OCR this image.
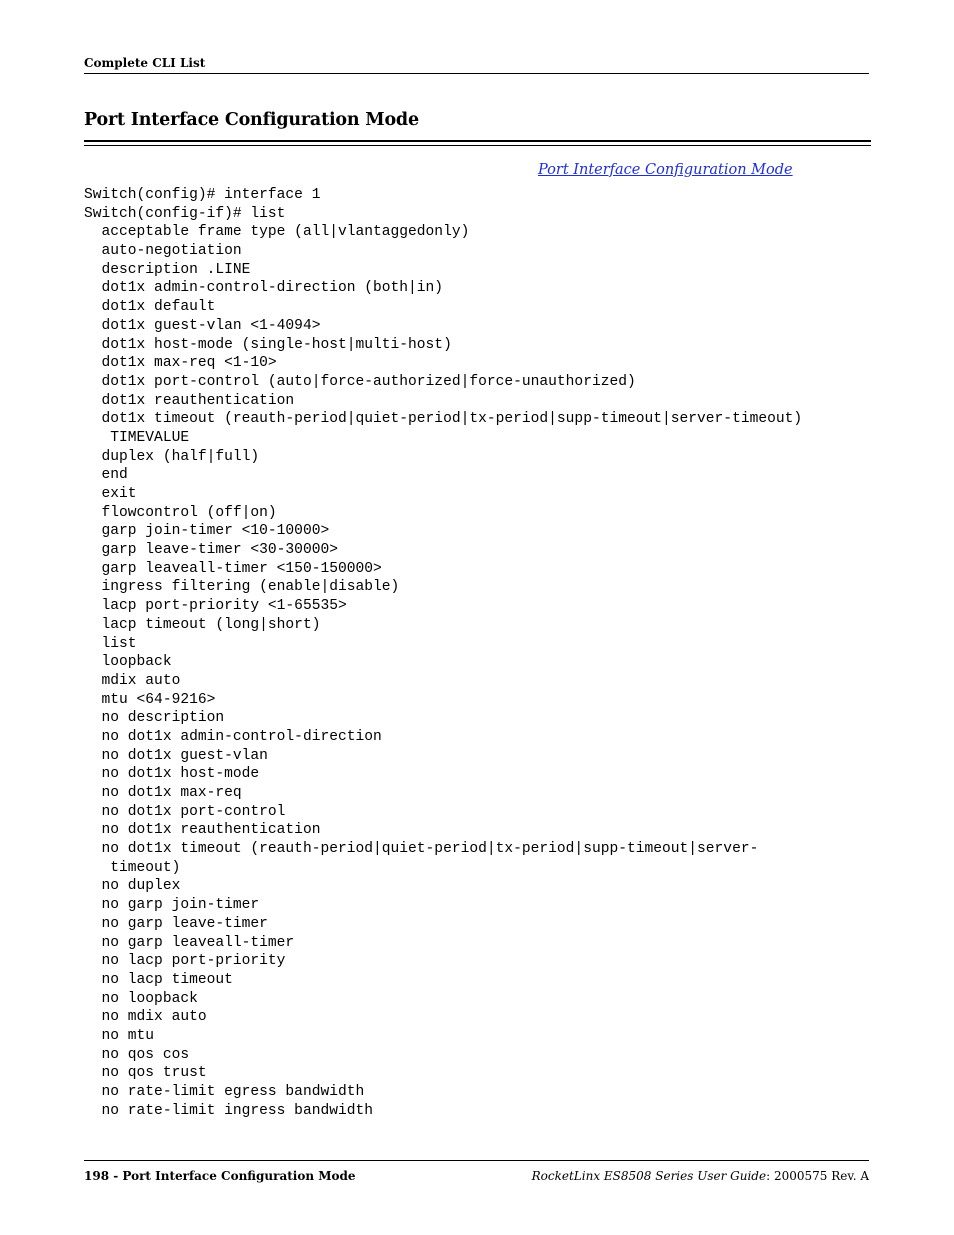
Complete CLI List
Port Interface Configuration Mode
Port Interface Configuration Mode
Switch(config)# interface 1
Switch(config-if)# list
acceptable frame type (all|vlantaggedonly)
auto-negotiation
description .LINE
dot1x admin-control-direction (both|in)
dot1x default
dot1x guest-vlan <1-4094>
dot1x host-mode (single-host|multi-host)
dot1x max-req <1-10>
dot1x port-control (auto|force-authorized|force-unauthorized)
dot1x reauthentication
dot1x timeout (reauth-period|quiet-period|tx-period|supp-timeout|server-timeout)
TIMEVALUE
duplex (half|full)
end
exit
flowcontrol (off|on)
garp join-timer <10-10000>
garp leave-timer <30-30000>
garp leaveall-timer <150-150000>
ingress filtering (enable|disable)
lacp port-priority <1-65535>
lacp timeout (long|short)
list
loopback
mdix auto
mtu <64-9216>
no description
no dot1x admin-control-direction
no dot1x guest-vlan
no dot1x host-mode
no dot1x max-req
no dot1x port-control
no dot1x reauthentication
no dot1x timeout (reauth-period|quiet-period|tx-period|supp-timeout|server-
timeout)
no duplex
no garp join-timer
no garp leave-timer
no garp leaveall-timer
no lacp port-priority
no lacp timeout
no loopback
no mdix auto
no mtu
no qos cos
no qos trust
no rate-limit egress bandwidth
no rate-limit ingress bandwidth
198 - Port Interface Configuration Mode	RocketLinx ES8508 Series User Guide: 2000575 Rev. A
